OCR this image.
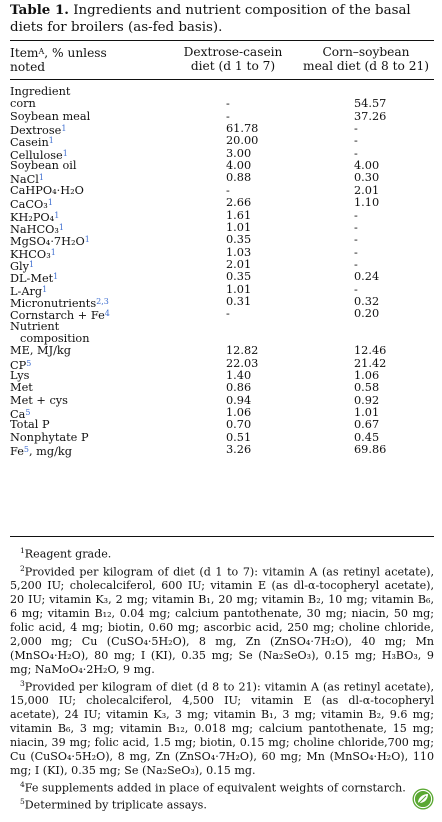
Table 1. Ingredients and nutrient composition of the basal diets for broilers (as-fed basis).
Item$^A$, % unless
noted
Dextrose-casein
diet (d 1 to 7)
Corn–soybean
meal diet (d 8 to 21)
Ingredient
corn	-	54.57
Soybean meal	-	37.26
Dextrose$^1$	61.78	-
Casein$^1$	20.00	-
Cellulose$^1$	3.00	-
Soybean oil	4.00	4.00
NaCl$^1$	0.88	0.30
CaHPO₄·H₂O	-	2.01
CaCO₃$^1$	2.66	1.10
KH₂PO₄$^1$	1.61	-
NaHCO₃$^1$	1.01	-
$MgSO_4\cdot 7H_2O^1$	0.35	-
KHCO₃$^1$	1.03	-
Gly$^1$	2.01	-
DL-Met$^1$	0.35	0.24
L-Arg$^1$	1.01	-
Micronutrients$^{2,3}$	0.31	0.32
Cornstarch + $Fe^4$	-	0.20
Nutrient
composition
ME, MJ/kg	12.82	12.46
$CP^5$	22.03	21.42
Lys	1.40	1.06
Met	0.86	0.58
Met + cys	0.94	0.92
Ca$^5$	1.06	1.01
Total P	0.70	0.67
Nonphytate P	0.51	0.45
Fe$^5$, mg/kg	3.26	69.86

$^1$Reagent grade.

$^2$Provided per kilogram of diet (d 1 to 7): vitamin A (as retinyl acetate), 5,200 IU; cholecalciferol, 600 IU; vitamin E (as dl-α-tocopheryl acetate), 20 IU; vitamin K₃, 2 mg; vitamin B₁, 20 mg; vitamin B₂, 10 mg; vitamin B₆, 6 mg; vitamin B₁₂, 0.04 mg; calcium pantothenate, 30 mg; niacin, 50 mg; folic acid, 4 mg; biotin, 0.60 mg; ascorbic acid, 250 mg; choline chloride, 2,000 mg; Cu (CuSO₄·5H₂O), 8 mg, Zn (ZnSO₄·7H₂O), 40 mg; Mn (MnSO₄·H₂O), 80 mg; I (KI), 0.35 mg; Se (Na₂SeO₃), 0.15 mg; H₃BO₃, 9 mg; NaMoO₄·2H₂O, 9 mg.

$^3$Provided per kilogram of diet (d 8 to 21): vitamin A (as retinyl acetate), 15,000 IU; cholecalciferol, 4,500 IU; vitamin E (as dl-α-tocopheryl acetate), 24 IU; vitamin K₃, 3 mg; vitamin B₁, 3 mg; vitamin B₂, 9.6 mg; vitamin B₆, 3 mg; vitamin B₁₂, 0.018 mg; calcium pantothenate, 15 mg; niacin, 39 mg; folic acid, 1.5 mg; biotin, 0.15 mg; choline chloride,700 mg; Cu (CuSO₄·5H₂O), 8 mg, Zn (ZnSO₄·7H₂O), 60 mg; Mn (MnSO₄·H₂O), 110 mg; I (KI), 0.35 mg; Se (Na₂SeO₃), 0.15 mg.

$^4$Fe supplements added in place of equivalent weights of cornstarch.

$^5$Determined by triplicate assays.
